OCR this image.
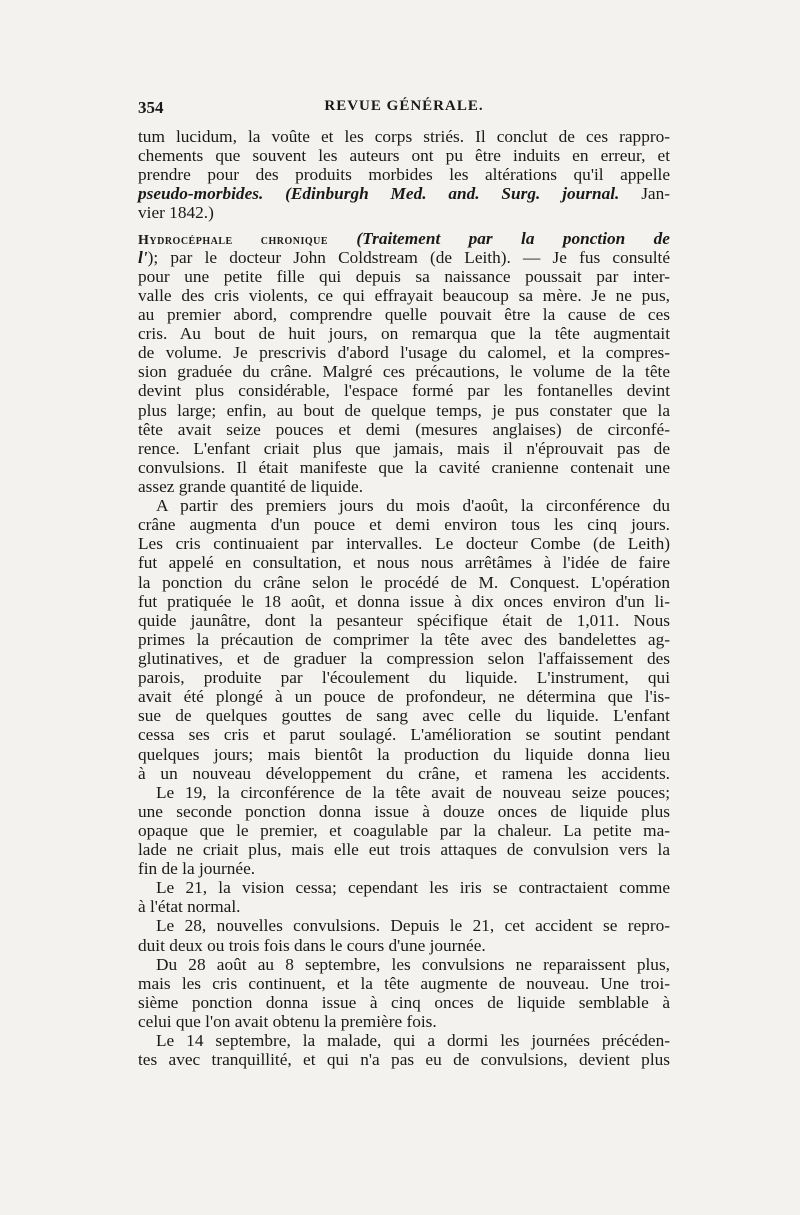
354	REVUE GÉNÉRALE.
tum lucidum, la voûte et les corps striés. Il conclut de ces rappro-
chements que souvent les auteurs ont pu être induits en erreur, et
prendre pour des produits morbides les altérations qu'il appelle
pseudo-morbides. (Edinburgh Med. and. Surg. journal. Jan-
vier 1842.)
Hydrocéphale chronique (Traitement par la ponction de
l'); par le docteur John Coldstream (de Leith). — Je fus consulté
pour une petite fille qui depuis sa naissance poussait par inter-
valle des cris violents, ce qui effrayait beaucoup sa mère. Je ne pus,
au premier abord, comprendre quelle pouvait être la cause de ces
cris. Au bout de huit jours, on remarqua que la tête augmentait
de volume. Je prescrivis d'abord l'usage du calomel, et la compres-
sion graduée du crâne. Malgré ces précautions, le volume de la tête
devint plus considérable, l'espace formé par les fontanelles devint
plus large; enfin, au bout de quelque temps, je pus constater que la
tête avait seize pouces et demi (mesures anglaises) de circonfé-
rence. L'enfant criait plus que jamais, mais il n'éprouvait pas de
convulsions. Il était manifeste que la cavité cranienne contenait une
assez grande quantité de liquide.
A partir des premiers jours du mois d'août, la circonférence du
crâne augmenta d'un pouce et demi environ tous les cinq jours.
Les cris continuaient par intervalles. Le docteur Combe (de Leith)
fut appelé en consultation, et nous nous arrêtâmes à l'idée de faire
la ponction du crâne selon le procédé de M. Conquest. L'opération
fut pratiquée le 18 août, et donna issue à dix onces environ d'un li-
quide jaunâtre, dont la pesanteur spécifique était de 1,011. Nous
primes la précaution de comprimer la tête avec des bandelettes ag-
glutinatives, et de graduer la compression selon l'affaissement des
parois, produite par l'écoulement du liquide. L'instrument, qui
avait été plongé à un pouce de profondeur, ne détermina que l'is-
sue de quelques gouttes de sang avec celle du liquide. L'enfant
cessa ses cris et parut soulagé. L'amélioration se soutint pendant
quelques jours; mais bientôt la production du liquide donna lieu
à un nouveau développement du crâne, et ramena les accidents.
Le 19, la circonférence de la tête avait de nouveau seize pouces;
une seconde ponction donna issue à douze onces de liquide plus
opaque que le premier, et coagulable par la chaleur. La petite ma-
lade ne criait plus, mais elle eut trois attaques de convulsion vers la
fin de la journée.
Le 21, la vision cessa; cependant les iris se contractaient comme
à l'état normal.
Le 28, nouvelles convulsions. Depuis le 21, cet accident se repro-
duit deux ou trois fois dans le cours d'une journée.
Du 28 août au 8 septembre, les convulsions ne reparaissent plus,
mais les cris continuent, et la tête augmente de nouveau. Une troi-
sième ponction donna issue à cinq onces de liquide semblable à
celui que l'on avait obtenu la première fois.
Le 14 septembre, la malade, qui a dormi les journées précéden-
tes avec tranquillité, et qui n'a pas eu de convulsions, devient plus
